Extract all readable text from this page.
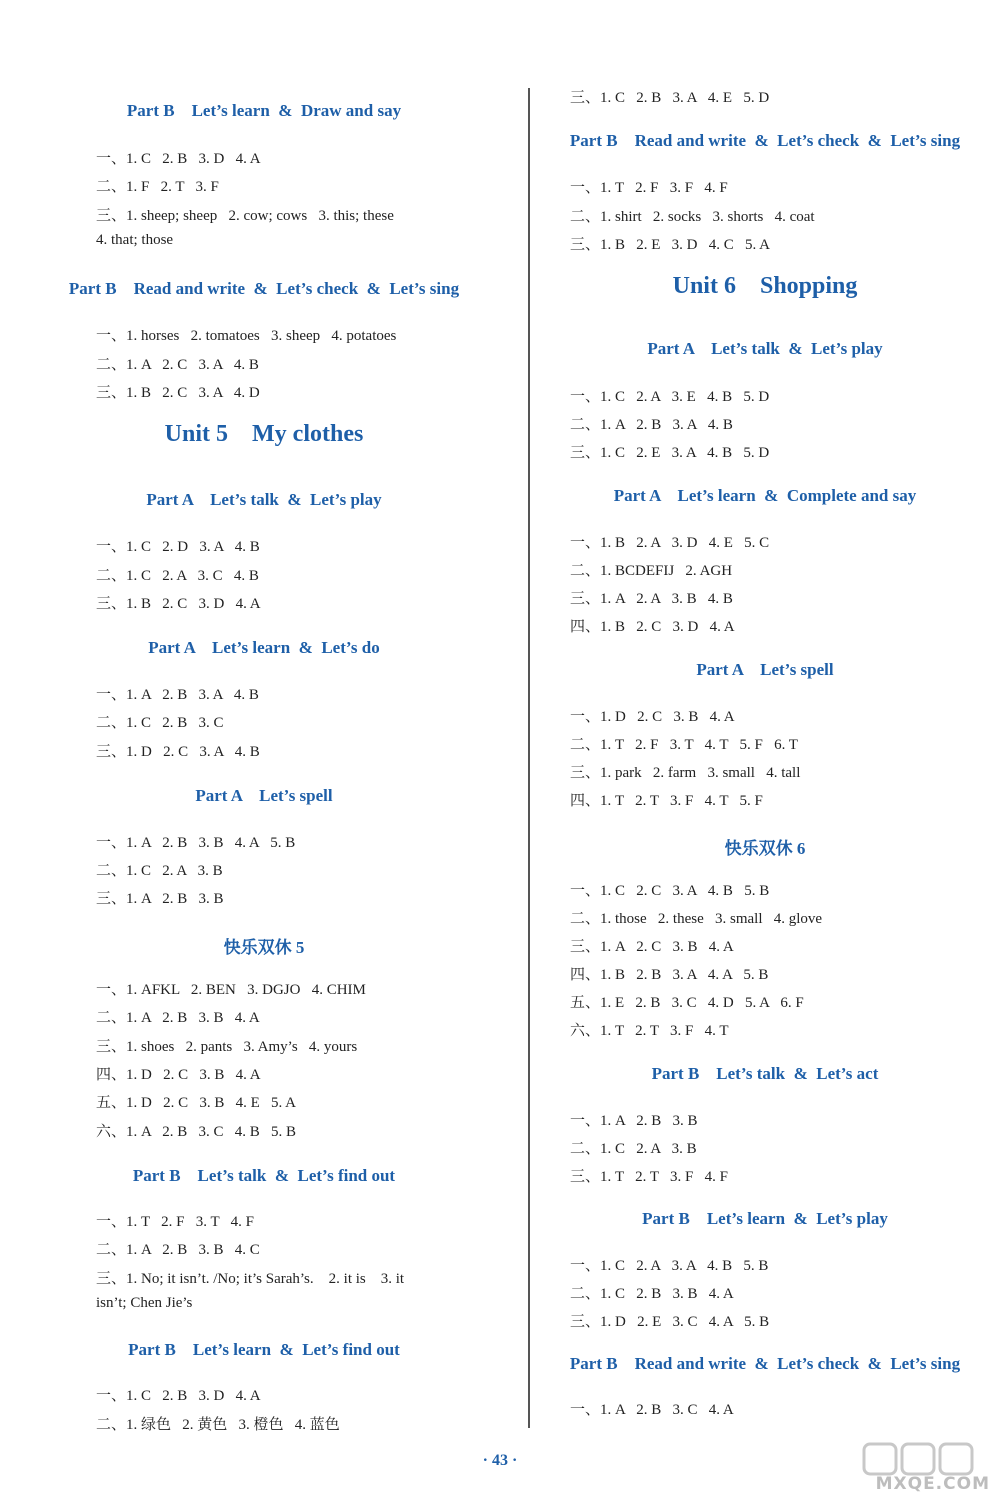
Part B    Let’s learn  &  Draw and say
一、1. C   2. B   3. D   4. A
二、1. F   2. T   3. F
三、1. sheep; sheep   2. cow; cows   3. this; these
4. that; those
Part B    Read and write  &  Let’s check  &  Let’s sing
一、1. horses   2. tomatoes   3. sheep   4. potatoes
二、1. A   2. C   3. A   4. B
三、1. B   2. C   3. A   4. D
Unit 5    My clothes
Part A    Let’s talk  &  Let’s play
一、1. C   2. D   3. A   4. B
二、1. C   2. A   3. C   4. B
三、1. B   2. C   3. D   4. A
Part A    Let’s learn  &  Let’s do
一、1. A   2. B   3. A   4. B
二、1. C   2. B   3. C
三、1. D   2. C   3. A   4. B
Part A    Let’s spell
一、1. A   2. B   3. B   4. A   5. B
二、1. C   2. A   3. B
三、1. A   2. B   3. B
快乐双休 5
一、1. AFKL   2. BEN   3. DGJO   4. CHIM
二、1. A   2. B   3. B   4. A
三、1. shoes   2. pants   3. Amy’s   4. yours
四、1. D   2. C   3. B   4. A
五、1. D   2. C   3. B   4. E   5. A
六、1. A   2. B   3. C   4. B   5. B
Part B    Let’s talk  &  Let’s find out
一、1. T   2. F   3. T   4. F
二、1. A   2. B   3. B   4. C
三、1. No; it isn’t. /No; it’s Sarah’s.    2. it is    3. it
isn’t; Chen Jie’s
Part B    Let’s learn  &  Let’s find out
一、1. C   2. B   3. D   4. A
二、1. 绿色   2. 黄色   3. 橙色   4. 蓝色
三、1. C   2. B   3. A   4. E   5. D
Part B    Read and write  &  Let’s check  &  Let’s sing
一、1. T   2. F   3. F   4. F
二、1. shirt   2. socks   3. shorts   4. coat
三、1. B   2. E   3. D   4. C   5. A
Unit 6    Shopping
Part A    Let’s talk  &  Let’s play
一、1. C   2. A   3. E   4. B   5. D
二、1. A   2. B   3. A   4. B
三、1. C   2. E   3. A   4. B   5. D
Part A    Let’s learn  &  Complete and say
一、1. B   2. A   3. D   4. E   5. C
二、1. BCDEFIJ   2. AGH
三、1. A   2. A   3. B   4. B
四、1. B   2. C   3. D   4. A
Part A    Let’s spell
一、1. D   2. C   3. B   4. A
二、1. T   2. F   3. T   4. T   5. F   6. T
三、1. park   2. farm   3. small   4. tall
四、1. T   2. T   3. F   4. T   5. F
快乐双休 6
一、1. C   2. C   3. A   4. B   5. B
二、1. those   2. these   3. small   4. glove
三、1. A   2. C   3. B   4. A
四、1. B   2. B   3. A   4. A   5. B
五、1. E   2. B   3. C   4. D   5. A   6. F
六、1. T   2. T   3. F   4. T
Part B    Let’s talk  &  Let’s act
一、1. A   2. B   3. B
二、1. C   2. A   3. B
三、1. T   2. T   3. F   4. F
Part B    Let’s learn  &  Let’s play
一、1. C   2. A   3. A   4. B   5. B
二、1. C   2. B   3. B   4. A
三、1. D   2. E   3. C   4. A   5. B
Part B    Read and write  &  Let’s check  &  Let’s sing
一、1. A   2. B   3. C   4. A
· 43 ·
MXQE.COM
